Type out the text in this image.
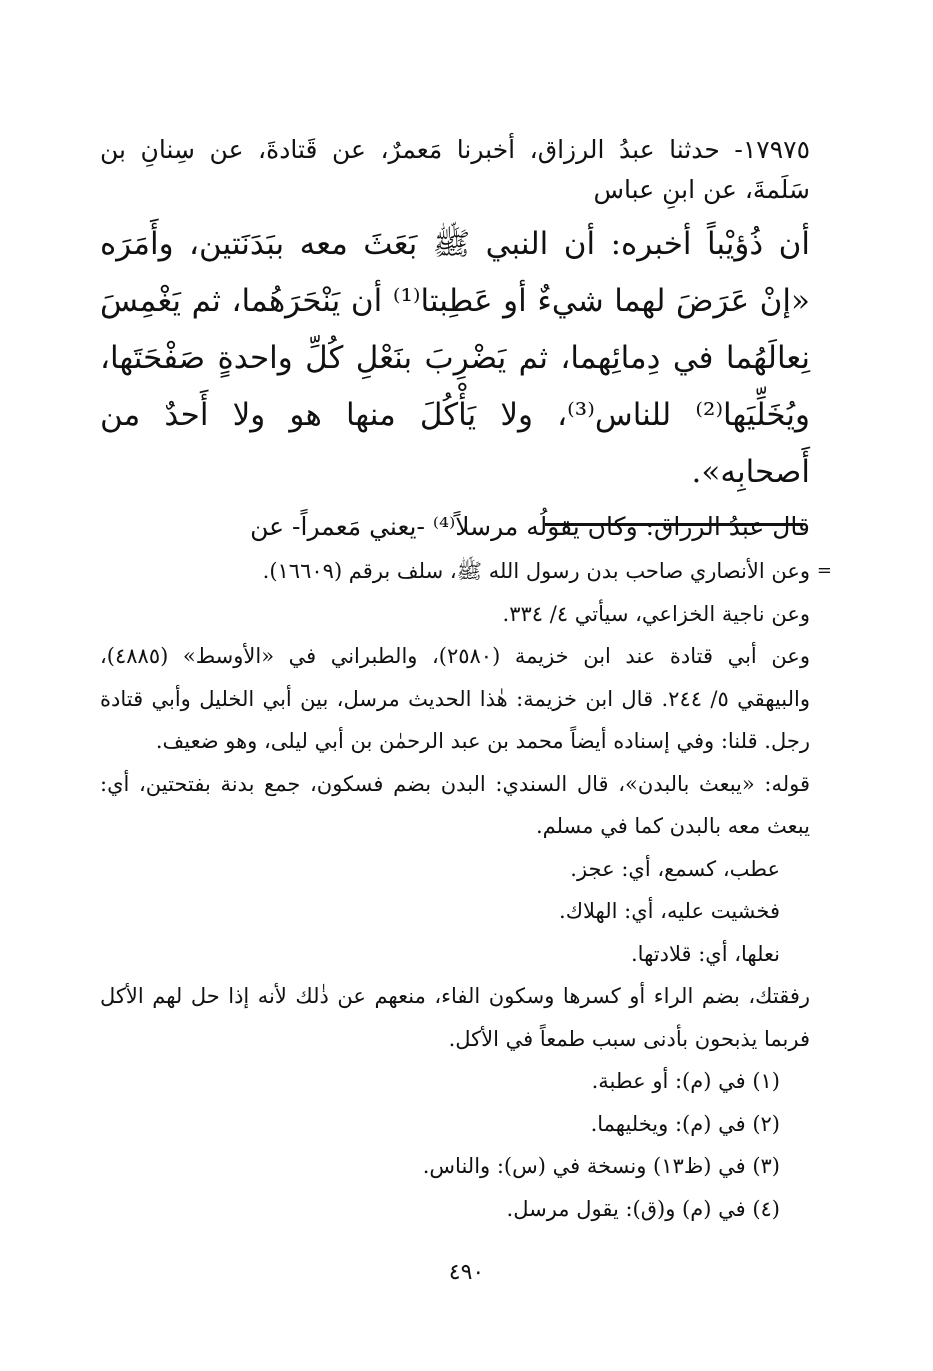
١٧٩٧٥- حدثنا عبدُ الرزاق، أخبرنا مَعمرٌ، عن قَتادةَ، عن سِنانِ بن سَلَمةَ، عن ابنِ عباس

أن ذُؤيْباً أخبره: أن النبي ﷺ بَعَثَ معه ببَدَنَتين، وأَمَرَه «إنْ عَرَضَ لهما شيءٌ أو عَطِبتا⁽¹⁾ أن يَنْحَرَهُما، ثم يَغْمِسَ نِعالَهُما في دِمائِهما، ثم يَضْرِبَ بنَعْلِ كُلِّ واحدةٍ صَفْحَتَها، ويُخَلِّيَها⁽²⁾ للناس⁽³⁾، ولا يَأْكُلَ منها هو ولا أَحدٌ من أَصحابِه».

قال عبدُ الرزاق: وكان يقولُه مرسلاً⁽⁴⁾ -يعني مَعمراً- عن

=
وعن الأنصاري صاحب بدن رسول الله ﷺ، سلف برقم (١٦٦٠٩).

وعن ناجية الخزاعي، سيأتي ٤/ ٣٣٤.

وعن أبي قتادة عند ابن خزيمة (٢٥٨٠)، والطبراني في «الأوسط» (٤٨٨٥)، والبيهقي ٥/ ٢٤٤. قال ابن خزيمة: هٰذا الحديث مرسل، بين أبي الخليل وأبي قتادة رجل. قلنا: وفي إسناده أيضاً محمد بن عبد الرحمٰن بن أبي ليلى، وهو ضعيف.

قوله: «يبعث بالبدن»، قال السندي: البدن بضم فسكون، جمع بدنة بفتحتين، أي: يبعث معه بالبدن كما في مسلم.

عطب، كسمع، أي: عجز.

فخشيت عليه، أي: الهلاك.

نعلها، أي: قلادتها.

رفقتك، بضم الراء أو كسرها وسكون الفاء، منعهم عن ذٰلك لأنه إذا حل لهم الأكل فربما يذبحون بأدنى سبب طمعاً في الأكل.

(١) في (م): أو عطبة.

(٢) في (م): ويخليهما.

(٣) في (ظ١٣) ونسخة في (س): والناس.

(٤) في (م) و(ق): يقول مرسل.

٤٩٠
